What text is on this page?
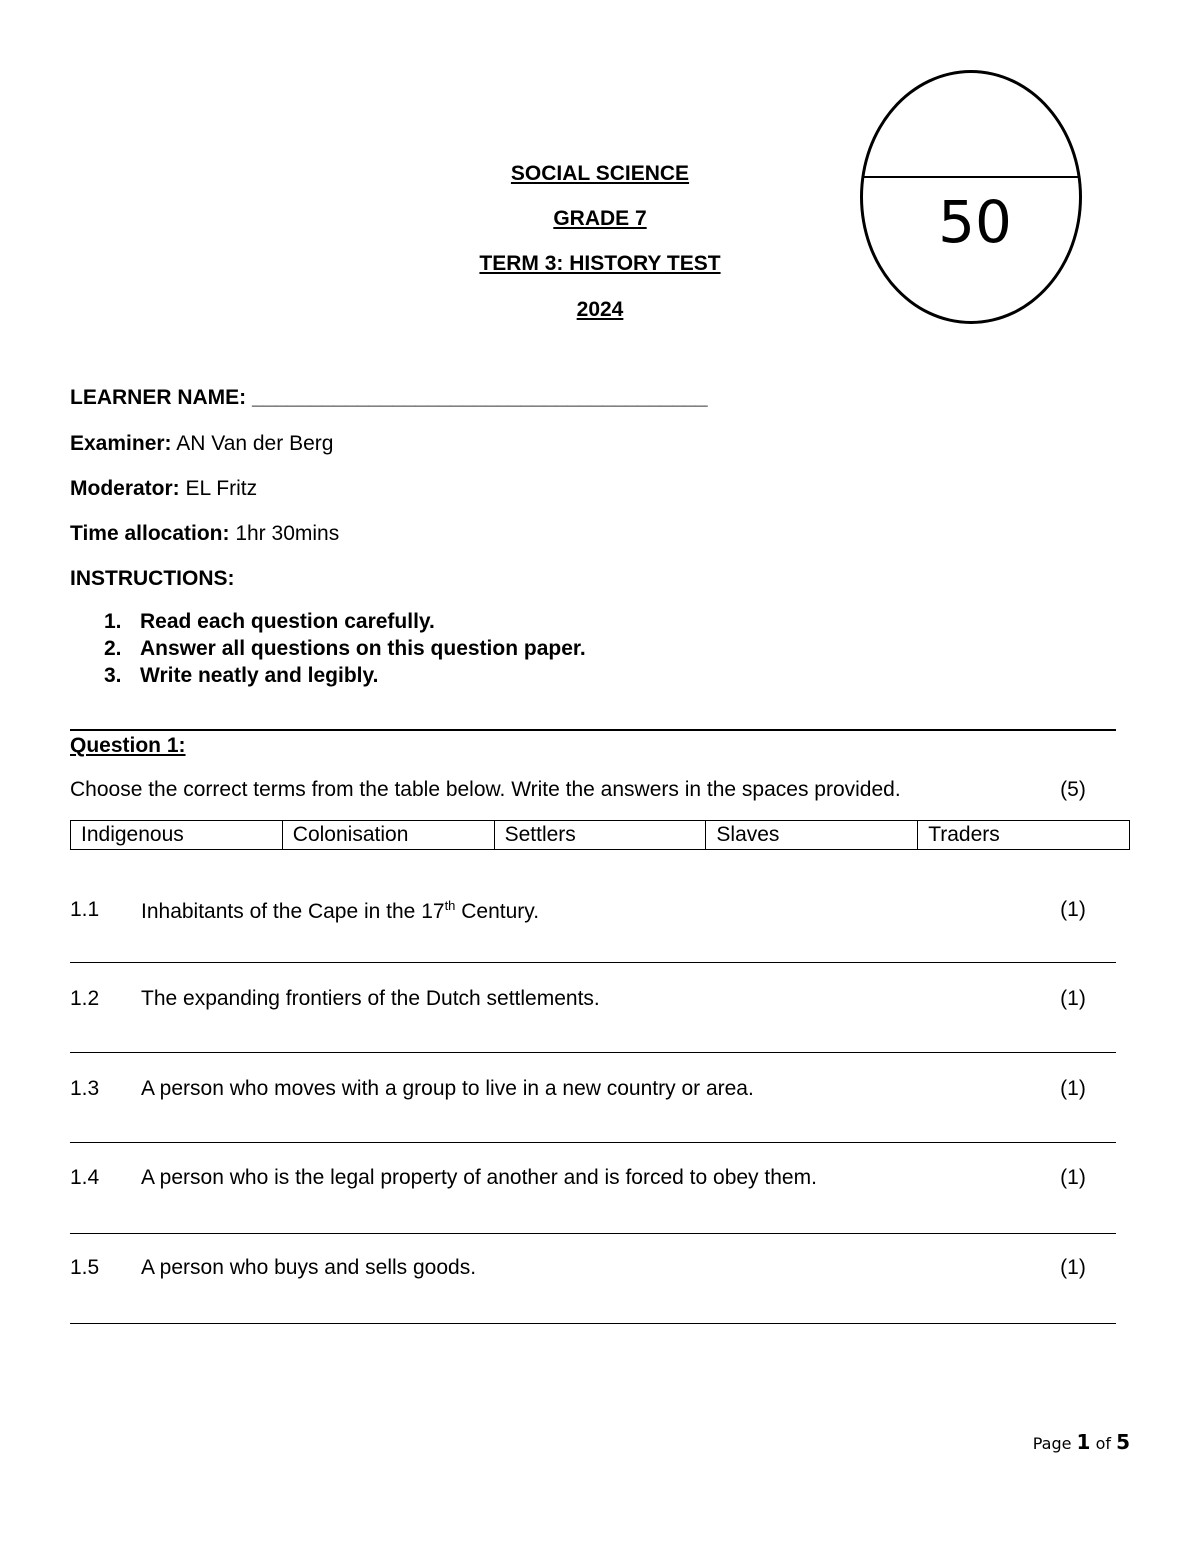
SOCIAL SCIENCE
GRADE 7
TERM 3: HISTORY TEST
2024
50
LEARNER NAME: _______________________________________
Examiner: AN Van der Berg
Moderator: EL Fritz
Time allocation: 1hr 30mins
INSTRUCTIONS:
1. Read each question carefully.
2. Answer all questions on this question paper.
3. Write neatly and legibly.
Question 1:
Choose the correct terms from the table below. Write the answers in the spaces provided.	(5)
Indigenous	Colonisation	Settlers	Slaves	Traders
1.1 Inhabitants of the Cape in the 17th Century.	(1)
1.2 The expanding frontiers of the Dutch settlements.	(1)
1.3 A person who moves with a group to live in a new country or area.	(1)
1.4 A person who is the legal property of another and is forced to obey them.	(1)
1.5 A person who buys and sells goods.	(1)
Page 1 of 5
